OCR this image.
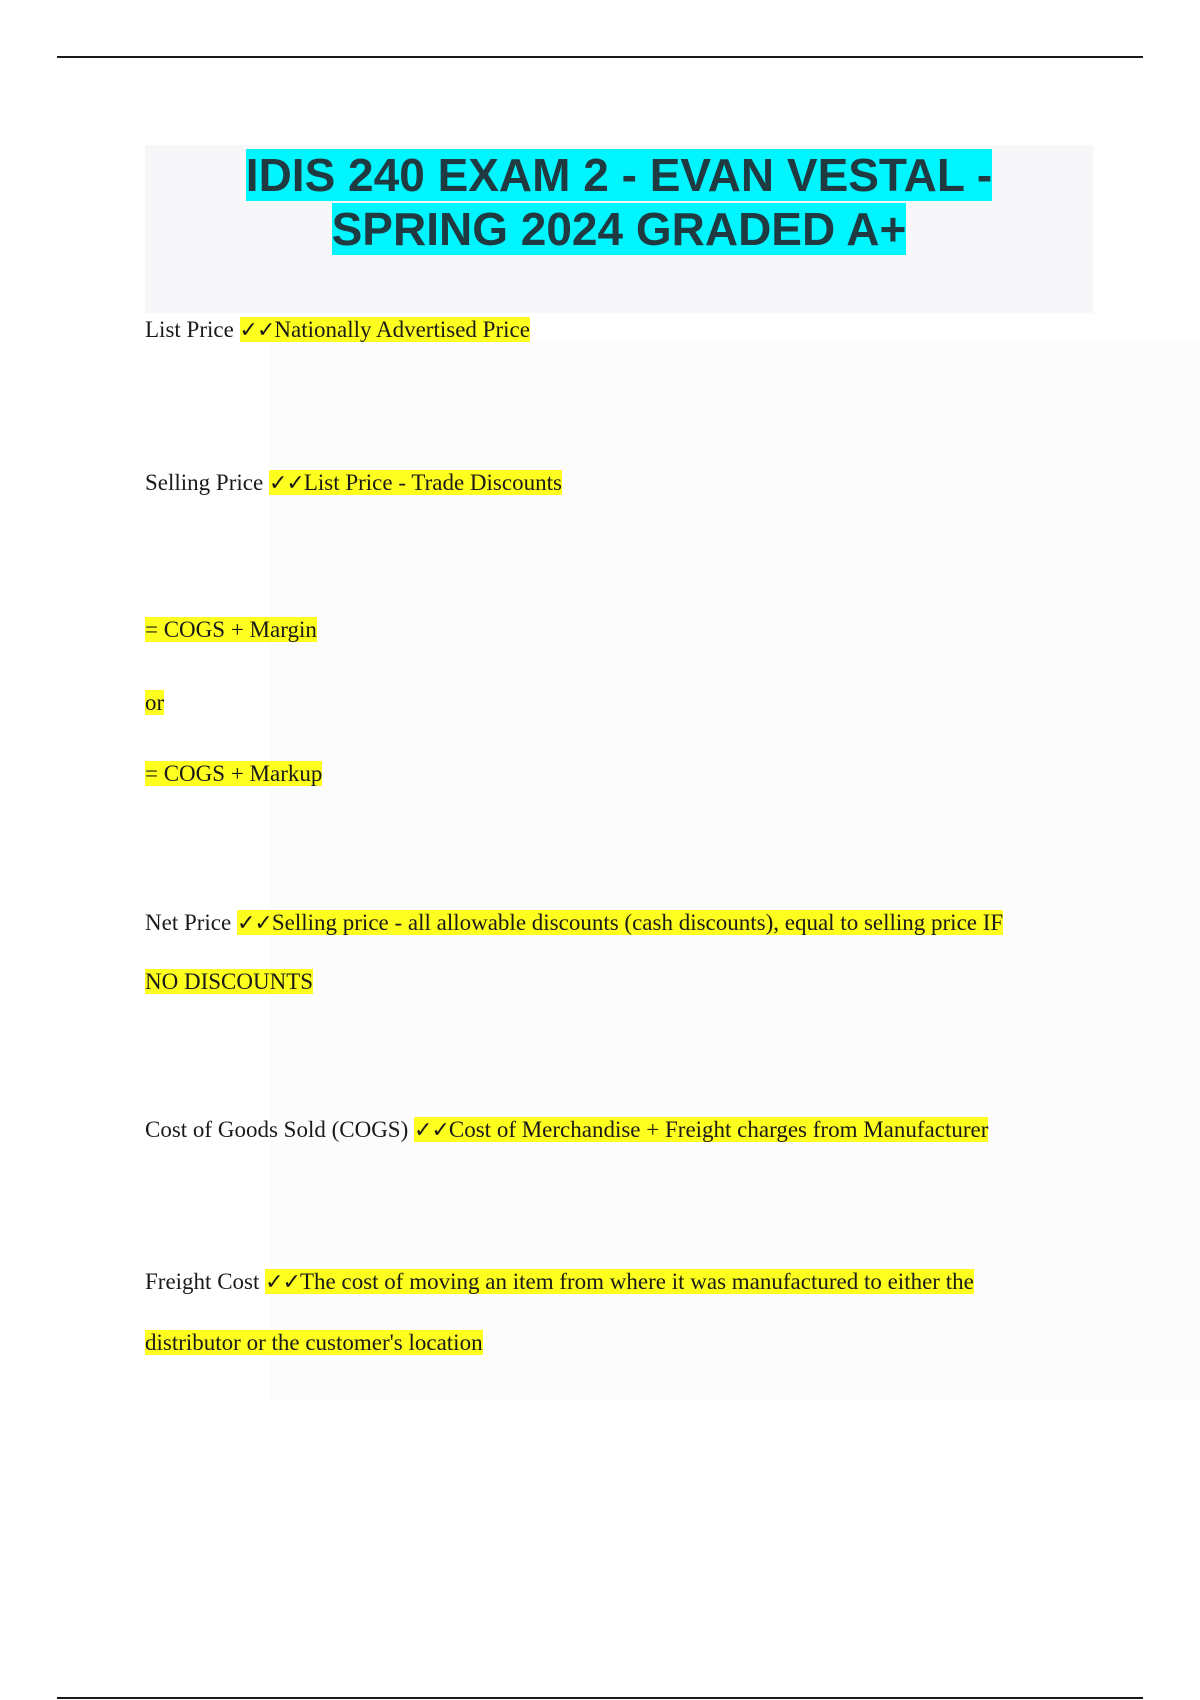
IDIS 240 EXAM 2 - EVAN VESTAL -
SPRING 2024 GRADED A+

List Price ✓✓Nationally Advertised Price

Selling Price ✓✓List Price - Trade Discounts

= COGS + Margin

or

= COGS + Markup

Net Price ✓✓Selling price - all allowable discounts (cash discounts), equal to selling price IF

NO DISCOUNTS

Cost of Goods Sold (COGS) ✓✓Cost of Merchandise + Freight charges from Manufacturer

Freight Cost ✓✓The cost of moving an item from where it was manufactured to either the

distributor or the customer's location
